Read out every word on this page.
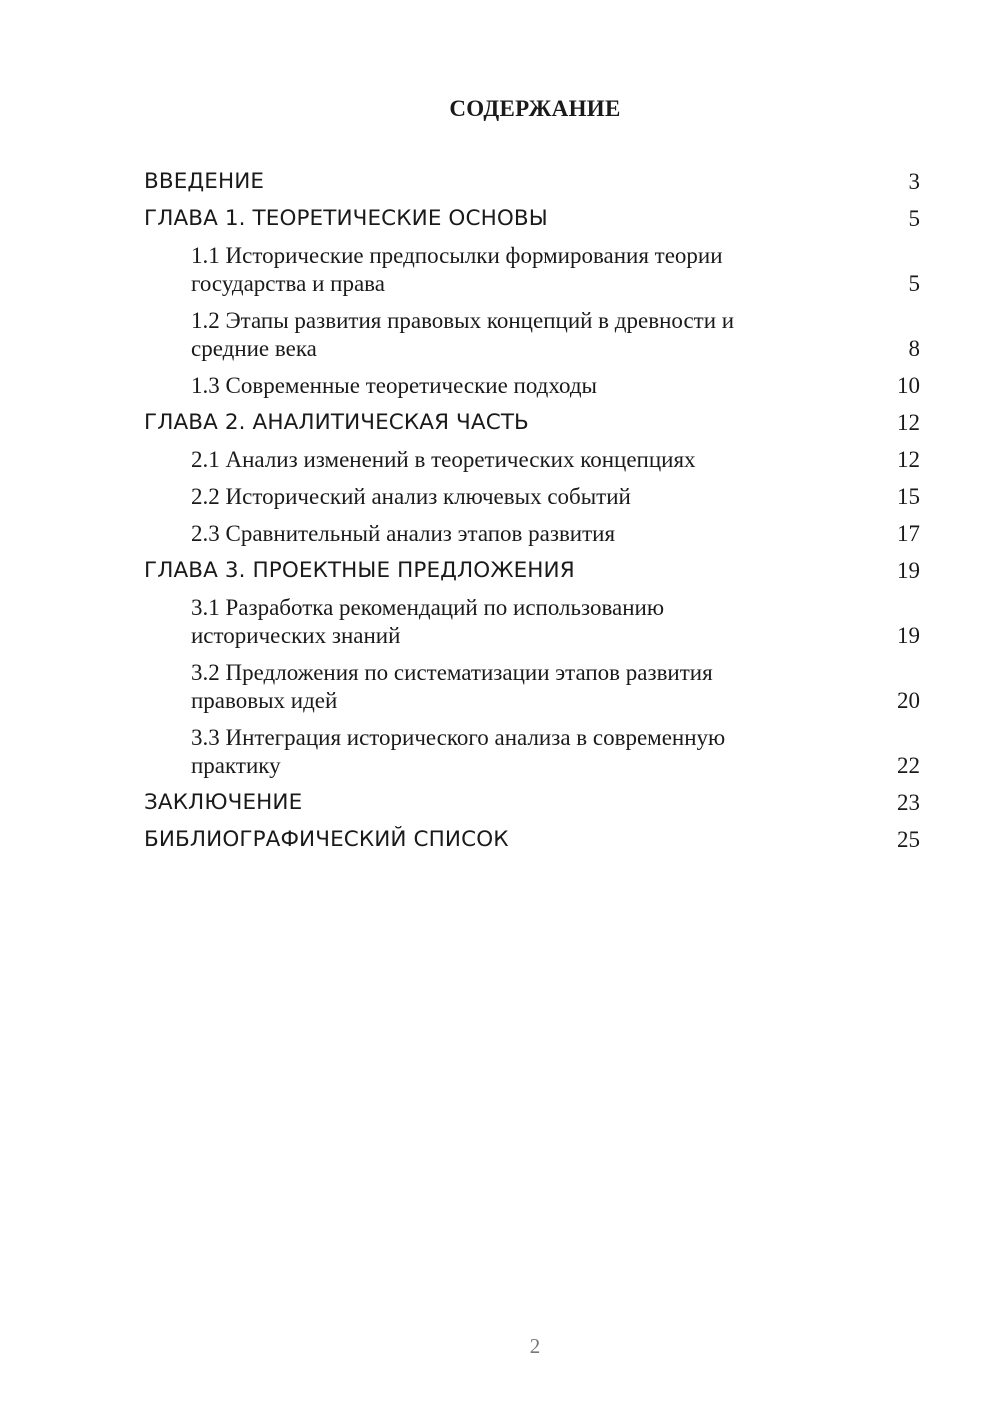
СОДЕРЖАНИЕ
ВВЕДЕНИЕ	3
ГЛАВА 1. ТЕОРЕТИЧЕСКИЕ ОСНОВЫ	5
1.1 Исторические предпосылки формирования теории государства и права	5
1.2 Этапы развития правовых концепций в древности и средние века	8
1.3 Современные теоретические подходы	10
ГЛАВА 2. АНАЛИТИЧЕСКАЯ ЧАСТЬ	12
2.1 Анализ изменений в теоретических концепциях	12
2.2 Исторический анализ ключевых событий	15
2.3 Сравнительный анализ этапов развития	17
ГЛАВА 3. ПРОЕКТНЫЕ ПРЕДЛОЖЕНИЯ	19
3.1 Разработка рекомендаций по использованию исторических знаний	19
3.2 Предложения по систематизации этапов развития правовых идей	20
3.3 Интеграция исторического анализа в современную практику	22
ЗАКЛЮЧЕНИЕ	23
БИБЛИОГРАФИЧЕСКИЙ СПИСОК	25
2
